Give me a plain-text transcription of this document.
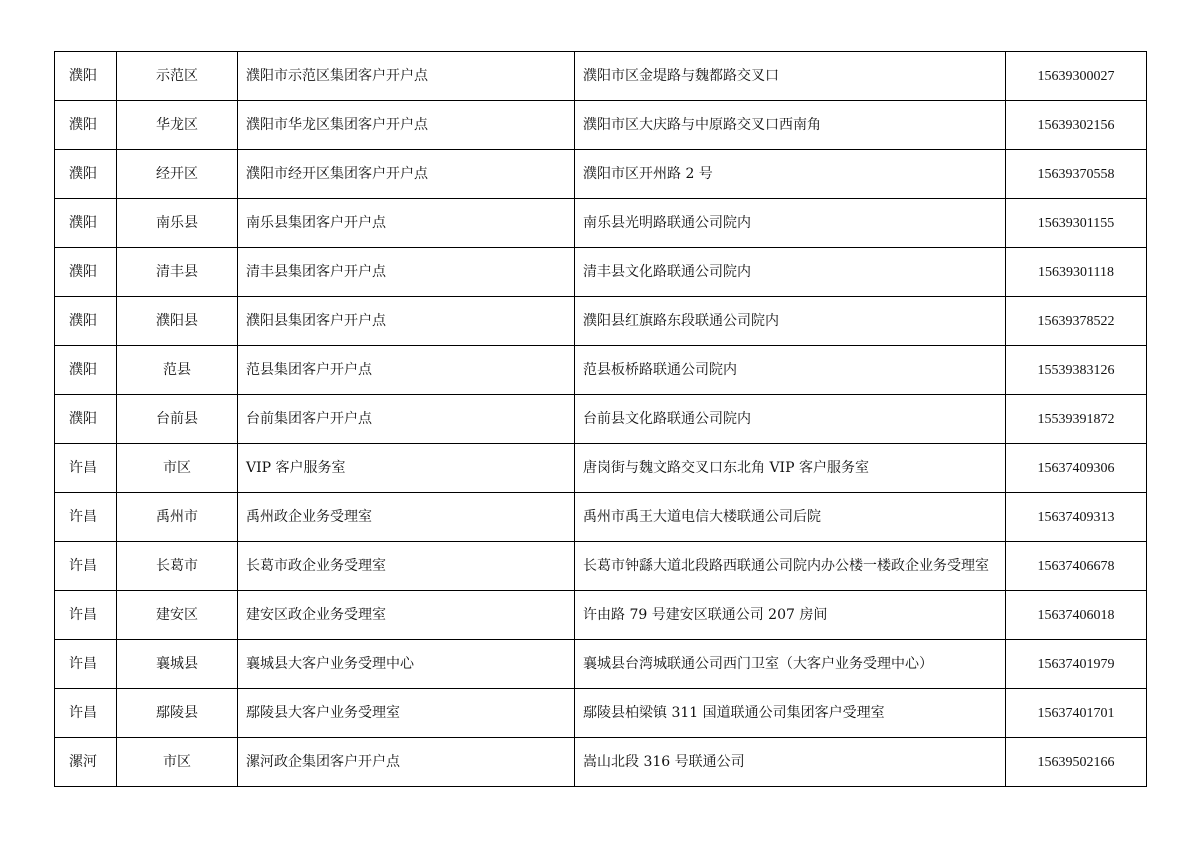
濮阳	示范区	濮阳市示范区集团客户开户点	濮阳市区金堤路与魏都路交叉口	15639300027
濮阳	华龙区	濮阳市华龙区集团客户开户点	濮阳市区大庆路与中原路交叉口西南角	15639302156
濮阳	经开区	濮阳市经开区集团客户开户点	濮阳市区开州路 2 号	15639370558
濮阳	南乐县	南乐县集团客户开户点	南乐县光明路联通公司院内	15639301155
濮阳	清丰县	清丰县集团客户开户点	清丰县文化路联通公司院内	15639301118
濮阳	濮阳县	濮阳县集团客户开户点	濮阳县红旗路东段联通公司院内	15639378522
濮阳	范县	范县集团客户开户点	范县板桥路联通公司院内	15539383126
濮阳	台前县	台前集团客户开户点	台前县文化路联通公司院内	15539391872
许昌	市区	VIP 客户服务室	唐岗街与魏文路交叉口东北角 VIP 客户服务室	15637409306
许昌	禹州市	禹州政企业务受理室	禹州市禹王大道电信大楼联通公司后院	15637409313
许昌	长葛市	长葛市政企业务受理室	长葛市钟繇大道北段路西联通公司院内办公楼一楼政企业务受理室	15637406678
许昌	建安区	建安区政企业务受理室	许由路 79 号建安区联通公司 207 房间	15637406018
许昌	襄城县	襄城县大客户业务受理中心	襄城县台湾城联通公司西门卫室（大客户业务受理中心）	15637401979
许昌	鄢陵县	鄢陵县大客户业务受理室	鄢陵县柏梁镇 311 国道联通公司集团客户受理室	15637401701
漯河	市区	漯河政企集团客户开户点	嵩山北段 316 号联通公司	15639502166
